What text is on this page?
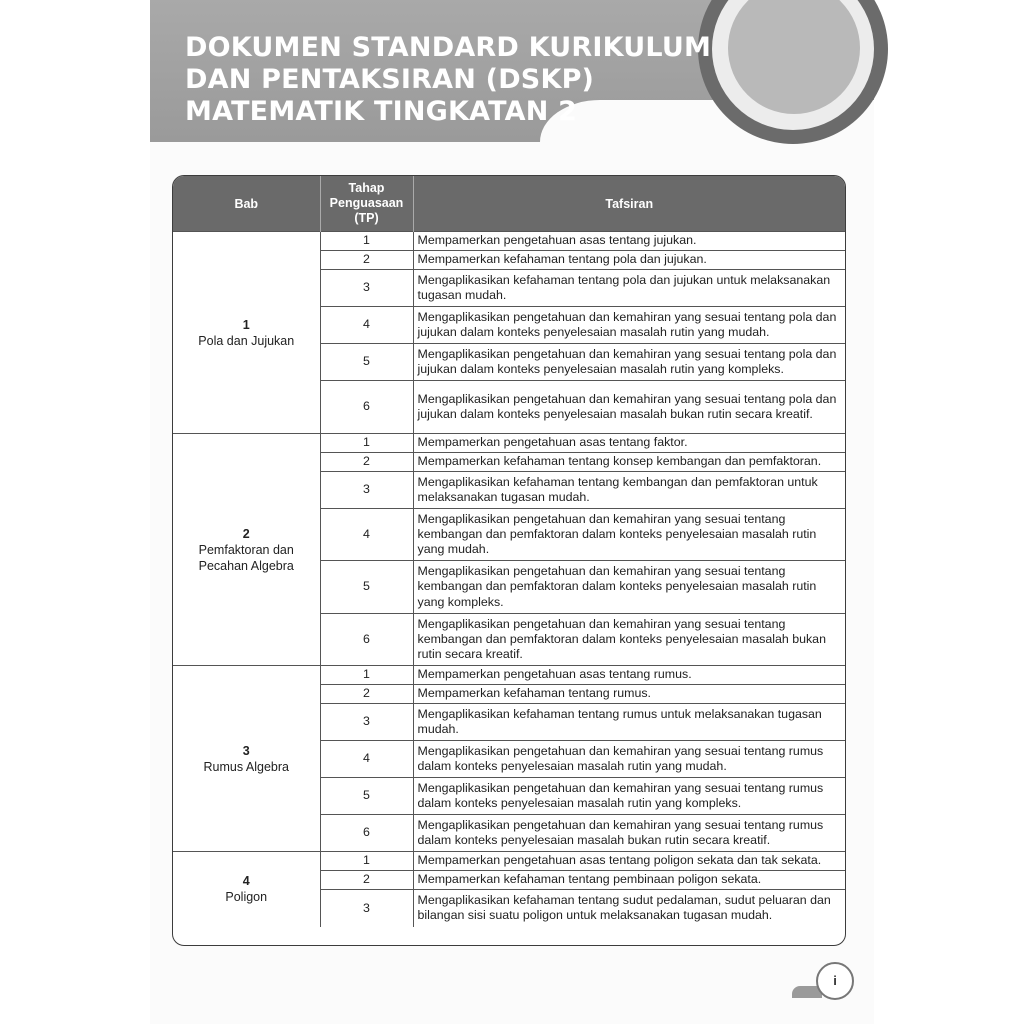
DOKUMEN STANDARD KURIKULUM
DAN PENTAKSIRAN (DSKP)
MATEMATIK TINGKATAN 2
Bab	Tahap
Penguasaan
(TP)	Tafsiran

1
Pola dan Jujukan	1	Mempamerkan pengetahuan asas tentang jujukan.
	2	Mempamerkan kefahaman tentang pola dan jujukan.
	3	Mengaplikasikan kefahaman tentang pola dan jujukan untuk melaksanakan tugasan mudah.
	4	Mengaplikasikan pengetahuan dan kemahiran yang sesuai tentang pola dan jujukan dalam konteks penyelesaian masalah rutin yang mudah.
	5	Mengaplikasikan pengetahuan dan kemahiran yang sesuai tentang pola dan jujukan dalam konteks penyelesaian masalah rutin yang kompleks.
	6	Mengaplikasikan pengetahuan dan kemahiran yang sesuai tentang pola dan jujukan dalam konteks penyelesaian masalah bukan rutin secara kreatif.

2
Pemfaktoran dan
Pecahan Algebra	1	Mempamerkan pengetahuan asas tentang faktor.
	2	Mempamerkan kefahaman tentang konsep kembangan dan pemfaktoran.
	3	Mengaplikasikan kefahaman tentang kembangan dan pemfaktoran untuk melaksanakan tugasan mudah.
	4	Mengaplikasikan pengetahuan dan kemahiran yang sesuai tentang kembangan dan pemfaktoran dalam konteks penyelesaian masalah rutin yang mudah.
	5	Mengaplikasikan pengetahuan dan kemahiran yang sesuai tentang kembangan dan pemfaktoran dalam konteks penyelesaian masalah rutin yang kompleks.
	6	Mengaplikasikan pengetahuan dan kemahiran yang sesuai tentang kembangan dan pemfaktoran dalam konteks penyelesaian masalah bukan rutin secara kreatif.

3
Rumus Algebra	1	Mempamerkan pengetahuan asas tentang rumus.
	2	Mempamerkan kefahaman tentang rumus.
	3	Mengaplikasikan kefahaman tentang rumus untuk melaksanakan tugasan mudah.
	4	Mengaplikasikan pengetahuan dan kemahiran yang sesuai tentang rumus dalam konteks penyelesaian masalah rutin yang mudah.
	5	Mengaplikasikan pengetahuan dan kemahiran yang sesuai tentang rumus dalam konteks penyelesaian masalah rutin yang kompleks.
	6	Mengaplikasikan pengetahuan dan kemahiran yang sesuai tentang rumus dalam konteks penyelesaian masalah bukan rutin secara kreatif.

4
Poligon	1	Mempamerkan pengetahuan asas tentang poligon sekata dan tak sekata.
	2	Mempamerkan kefahaman tentang pembinaan poligon sekata.
	3	Mengaplikasikan kefahaman tentang sudut pedalaman, sudut peluaran dan bilangan sisi suatu poligon untuk melaksanakan tugasan mudah.
i
